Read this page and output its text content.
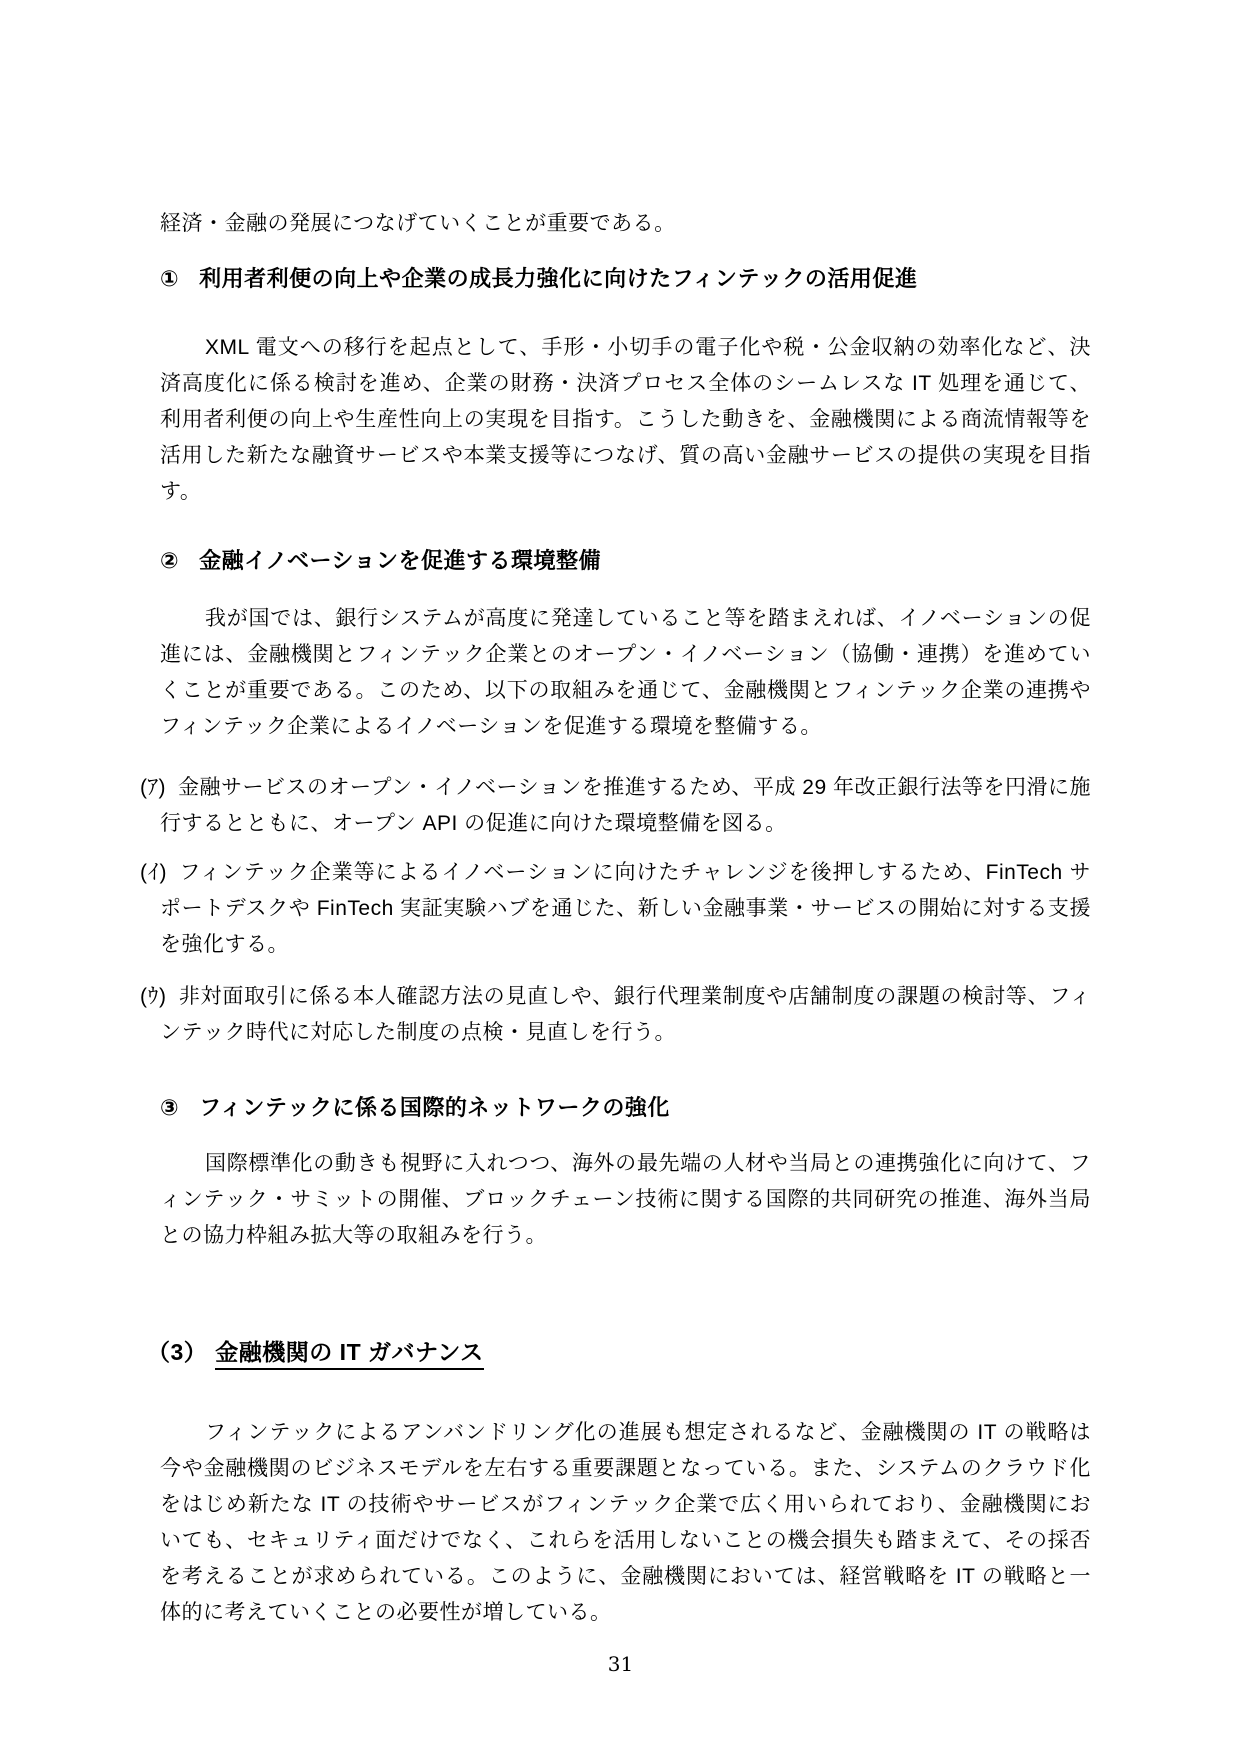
経済・金融の発展につなげていくことが重要である。

① 利用者利便の向上や企業の成長力強化に向けたフィンテックの活用促進

XML 電文への移行を起点として、手形・小切手の電子化や税・公金収納の効率化など、決済高度化に係る検討を進め、企業の財務・決済プロセス全体のシームレスな IT 処理を通じて、利用者利便の向上や生産性向上の実現を目指す。こうした動きを、金融機関による商流情報等を活用した新たな融資サービスや本業支援等につなげ、質の高い金融サービスの提供の実現を目指す。

② 金融イノベーションを促進する環境整備

我が国では、銀行システムが高度に発達していること等を踏まえれば、イノベーションの促進には、金融機関とフィンテック企業とのオープン・イノベーション（協働・連携）を進めていくことが重要である。このため、以下の取組みを通じて、金融機関とフィンテック企業の連携やフィンテック企業によるイノベーションを促進する環境を整備する。

(ｱ) 金融サービスのオープン・イノベーションを推進するため、平成 29 年改正銀行法等を円滑に施行するとともに、オープン API の促進に向けた環境整備を図る。
(ｲ) フィンテック企業等によるイノベーションに向けたチャレンジを後押しするため、FinTech サポートデスクや FinTech 実証実験ハブを通じた、新しい金融事業・サービスの開始に対する支援を強化する。
(ｳ) 非対面取引に係る本人確認方法の見直しや、銀行代理業制度や店舗制度の課題の検討等、フィンテック時代に対応した制度の点検・見直しを行う。
③ フィンテックに係る国際的ネットワークの強化

国際標準化の動きも視野に入れつつ、海外の最先端の人材や当局との連携強化に向けて、フィンテック・サミットの開催、ブロックチェーン技術に関する国際的共同研究の推進、海外当局との協力枠組み拡大等の取組みを行う。

（3） 金融機関の IT ガバナンス

フィンテックによるアンバンドリング化の進展も想定されるなど、金融機関の IT の戦略は今や金融機関のビジネスモデルを左右する重要課題となっている。また、システムのクラウド化をはじめ新たな IT の技術やサービスがフィンテック企業で広く用いられており、金融機関においても、セキュリティ面だけでなく、これらを活用しないことの機会損失も踏まえて、その採否を考えることが求められている。このように、金融機関においては、経営戦略を IT の戦略と一体的に考えていくことの必要性が増している。

31
